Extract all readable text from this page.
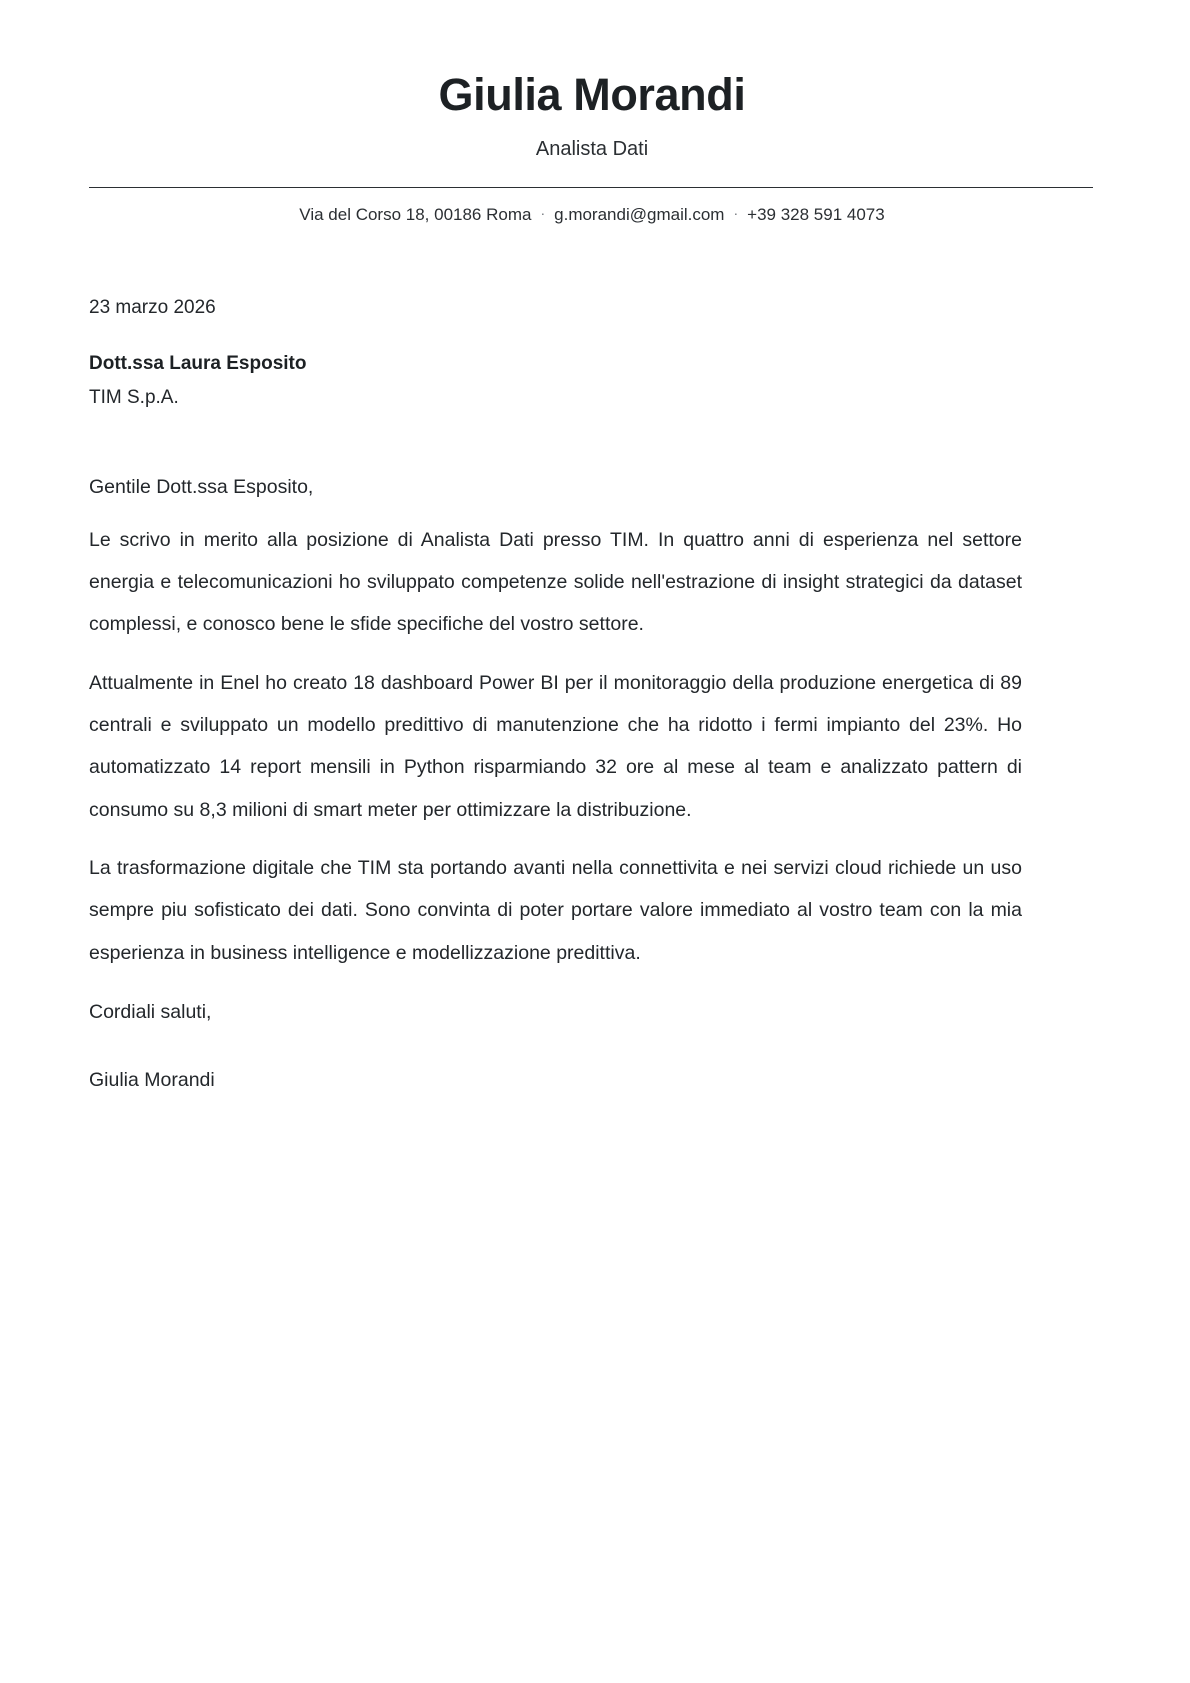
Giulia Morandi
Analista Dati
Via del Corso 18, 00186 Roma · g.morandi@gmail.com · +39 328 591 4073
23 marzo 2026
Dott.ssa Laura Esposito
TIM S.p.A.

Gentile Dott.ssa Esposito,

Le scrivo in merito alla posizione di Analista Dati presso TIM. In quattro anni di esperienza nel settore energia e telecomunicazioni ho sviluppato competenze solide nell'estrazione di insight strategici da dataset complessi, e conosco bene le sfide specifiche del vostro settore.

Attualmente in Enel ho creato 18 dashboard Power BI per il monitoraggio della produzione energetica di 89 centrali e sviluppato un modello predittivo di manutenzione che ha ridotto i fermi impianto del 23%. Ho automatizzato 14 report mensili in Python risparmiando 32 ore al mese al team e analizzato pattern di consumo su 8,3 milioni di smart meter per ottimizzare la distribuzione.

La trasformazione digitale che TIM sta portando avanti nella connettivita e nei servizi cloud richiede un uso sempre piu sofisticato dei dati. Sono convinta di poter portare valore immediato al vostro team con la mia esperienza in business intelligence e modellizzazione predittiva.

Cordiali saluti,

Giulia Morandi
